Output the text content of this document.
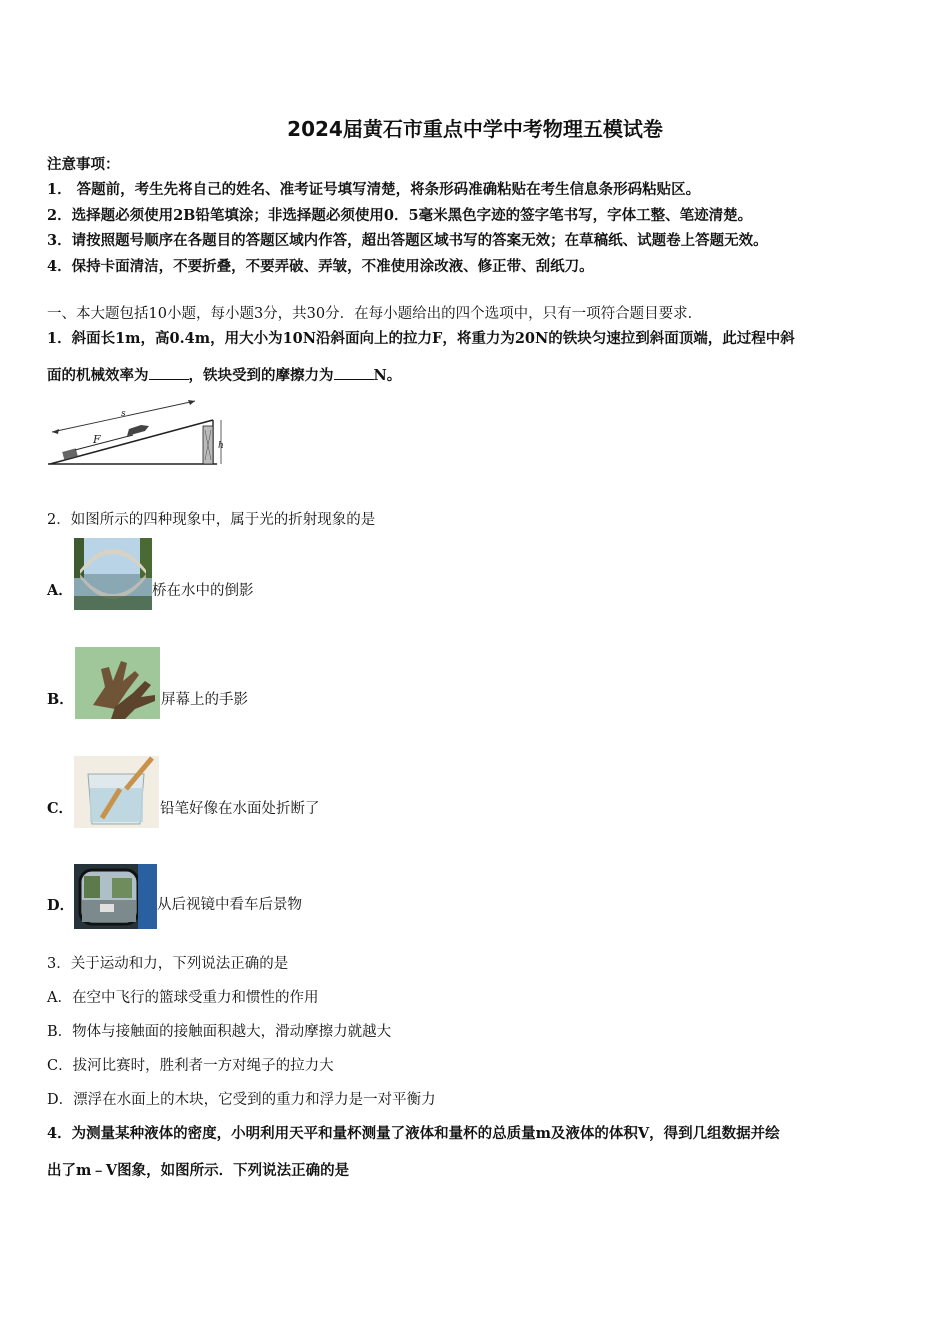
2024届黄石市重点中学中考物理五模试卷
注意事项：
1． 答题前，考生先将自己的姓名、准考证号填写清楚，将条形码准确粘贴在考生信息条形码粘贴区。
2．选择题必须使用2B铅笔填涂；非选择题必须使用0．5毫米黑色字迹的签字笔书写，字体工整、笔迹清楚。
3．请按照题号顺序在各题目的答题区域内作答，超出答题区域书写的答案无效；在草稿纸、试题卷上答题无效。
4．保持卡面清洁，不要折叠，不要弄破、弄皱，不准使用涂改液、修正带、刮纸刀。
一、本大题包括10小题，每小题3分，共30分．在每小题给出的四个选项中，只有一项符合题目要求．
1．斜面长1m，高0.4m，用大小为10N沿斜面向上的拉力F，将重力为20N的铁块匀速拉到斜面顶端，此过程中斜
面的机械效率为	，铁块受到的摩擦力为	N。
s
F	h
2．如图所示的四种现象中，属于光的折射现象的是
A．	桥在水中的倒影
B．	屏幕上的手影
C．	铅笔好像在水面处折断了
D．	从后视镜中看车后景物
3．关于运动和力，下列说法正确的是
A．在空中飞行的篮球受重力和惯性的作用
B．物体与接触面的接触面积越大，滑动摩擦力就越大
C．拔河比赛时，胜利者一方对绳子的拉力大
D．漂浮在水面上的木块，它受到的重力和浮力是一对平衡力
4．为测量某种液体的密度，小明利用天平和量杯测量了液体和量杯的总质量m及液体的体积V，得到几组数据并绘
出了m﹣V图象，如图所示．下列说法正确的是
